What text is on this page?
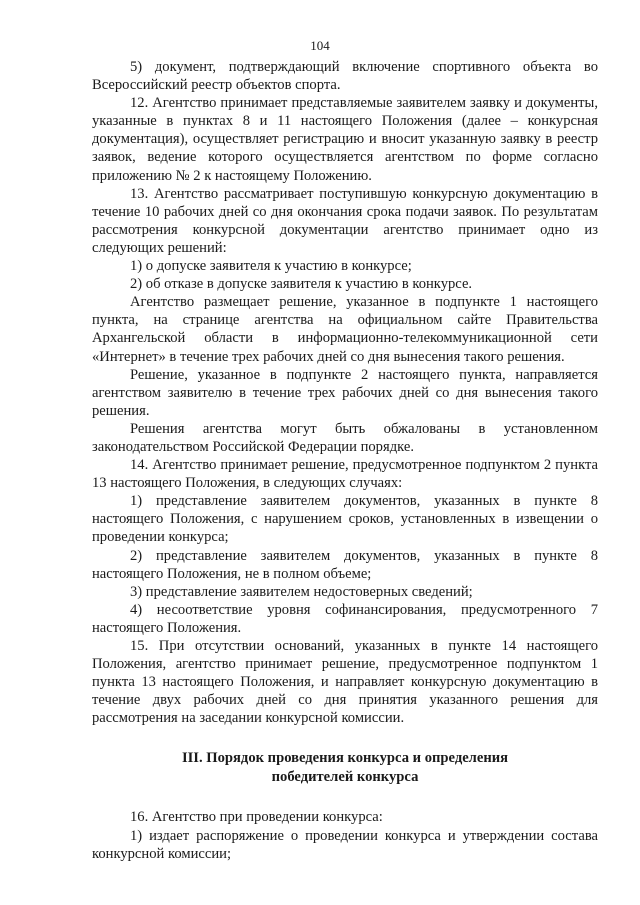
104

5) документ, подтверждающий включение спортивного объекта во Всероссийский реестр объектов спорта.

12. Агентство принимает представляемые заявителем заявку и документы, указанные в пунктах 8 и 11 настоящего Положения (далее – конкурсная документация), осуществляет регистрацию и вносит указанную заявку в реестр заявок, ведение которого осуществляется агентством по форме согласно приложению № 2 к настоящему Положению.

13. Агентство рассматривает поступившую конкурсную документацию в течение 10 рабочих дней со дня окончания срока подачи заявок. По результатам рассмотрения конкурсной документации агентство принимает одно из следующих решений:

1) о допуске заявителя к участию в конкурсе;

2) об отказе в допуске заявителя к участию в конкурсе.

Агентство размещает решение, указанное в подпункте 1 настоящего пункта, на странице агентства на официальном сайте Правительства Архангельской области в информационно-телекоммуникационной сети «Интернет» в течение трех рабочих дней со дня вынесения такого решения.

Решение, указанное в подпункте 2 настоящего пункта, направляется агентством заявителю в течение трех рабочих дней со дня вынесения такого решения.

Решения агентства могут быть обжалованы в установленном законодательством Российской Федерации порядке.

14. Агентство принимает решение, предусмотренное подпунктом 2 пункта 13 настоящего Положения, в следующих случаях:

1) представление заявителем документов, указанных в пункте 8 настоящего Положения, с нарушением сроков, установленных в извещении о проведении конкурса;

2) представление заявителем документов, указанных в пункте 8 настоящего Положения, не в полном объеме;

3) представление заявителем недостоверных сведений;

4) несоответствие уровня софинансирования, предусмотренного 7 настоящего Положения.

15. При отсутствии оснований, указанных в пункте 14 настоящего Положения, агентство принимает решение, предусмотренное подпунктом 1 пункта 13 настоящего Положения, и направляет конкурсную документацию в течение двух рабочих дней со дня принятия указанного решения для рассмотрения на заседании конкурсной комиссии.

III. Порядок проведения конкурса и определения
победителей конкурса

16. Агентство при проведении конкурса:

1) издает распоряжение о проведении конкурса и утверждении состава конкурсной комиссии;
